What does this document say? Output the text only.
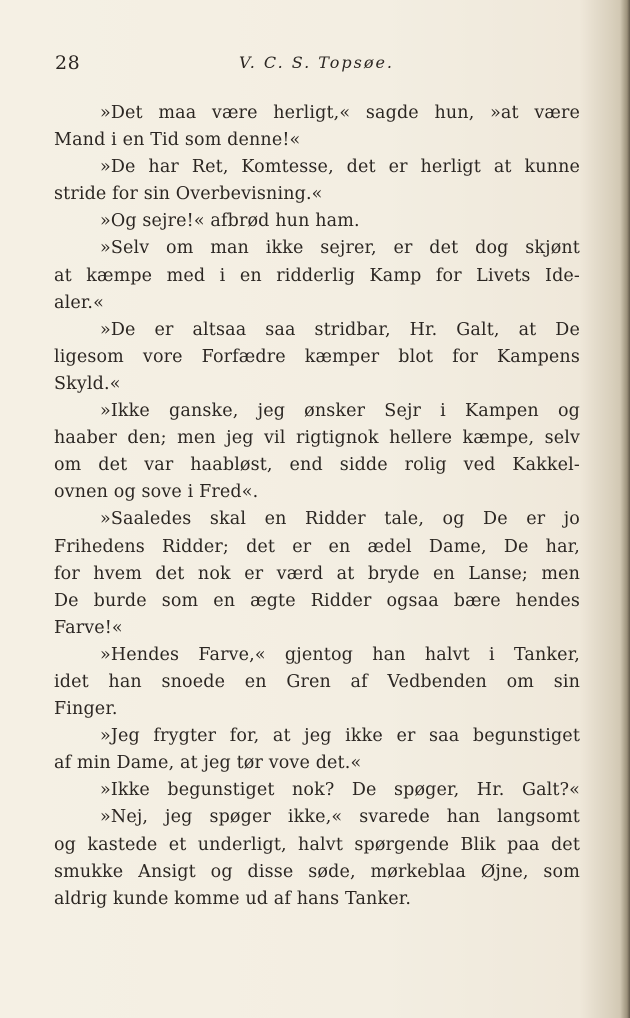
28	V. C. S. Topsøe.
»Det maa være herligt,« sagde hun, »at være
Mand i en Tid som denne!«
»De har Ret, Komtesse, det er herligt at kunne
stride for sin Overbevisning.«
»Og sejre!« afbrød hun ham.
»Selv om man ikke sejrer, er det dog skjønt
at kæmpe med i en ridderlig Kamp for Livets Ide-
aler.«
»De er altsaa saa stridbar, Hr. Galt, at De
ligesom vore Forfædre kæmper blot for Kampens
Skyld.«
»Ikke ganske, jeg ønsker Sejr i Kampen og
haaber den; men jeg vil rigtignok hellere kæmpe, selv
om det var haabløst, end sidde rolig ved Kakkel-
ovnen og sove i Fred«.
»Saaledes skal en Ridder tale, og De er jo
Frihedens Ridder; det er en ædel Dame, De har,
for hvem det nok er værd at bryde en Lanse; men
De burde som en ægte Ridder ogsaa bære hendes
Farve!«
»Hendes Farve,« gjentog han halvt i Tanker,
idet han snoede en Gren af Vedbenden om sin
Finger.
»Jeg frygter for, at jeg ikke er saa begunstiget
af min Dame, at jeg tør vove det.«
»Ikke begunstiget nok? De spøger, Hr. Galt?«
»Nej, jeg spøger ikke,« svarede han langsomt
og kastede et underligt, halvt spørgende Blik paa det
smukke Ansigt og disse søde, mørkeblaa Øjne, som
aldrig kunde komme ud af hans Tanker.
